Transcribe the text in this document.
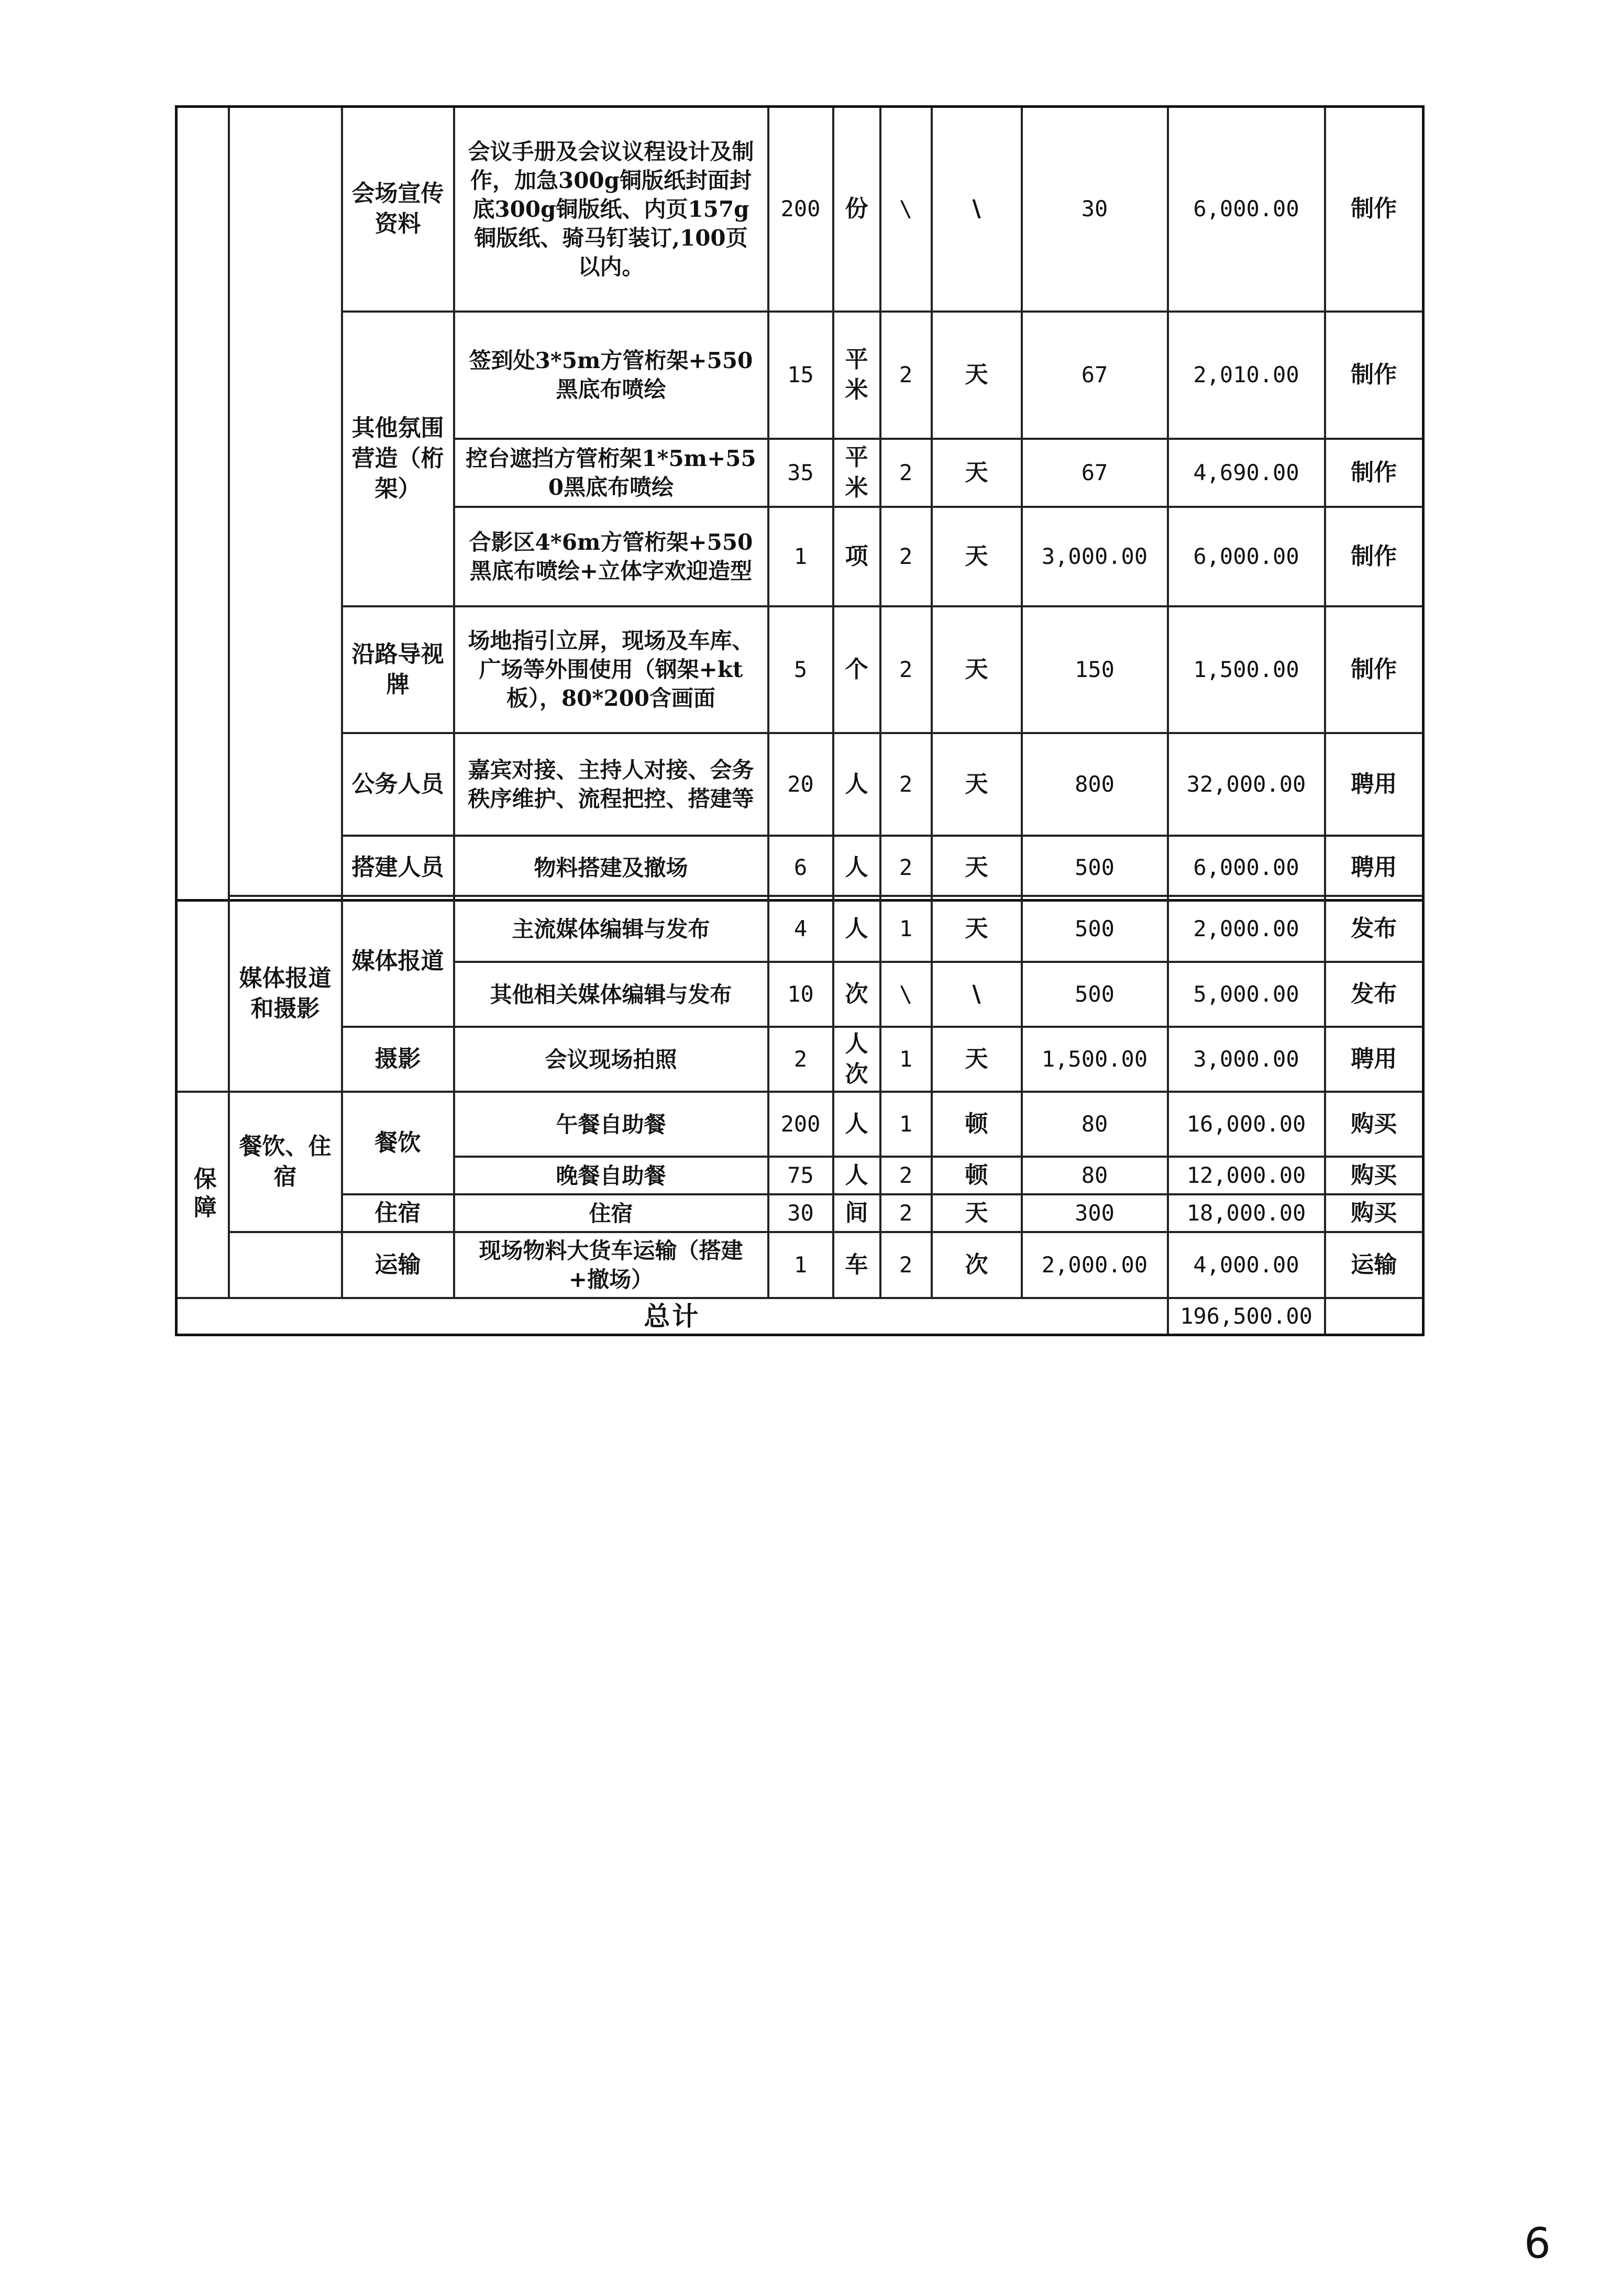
		会场宣传资料	会议手册及会议议程设计及制作，加急300g铜版纸封面封底300g铜版纸、内页157g铜版纸、骑马钉装订,100页以内。	200	份	\	\	30	6,000.00	制作
		其他氛围营造（桁架）	签到处3*5m方管桁架+550黑底布喷绘	15	平米	2	天	67	2,010.00	制作
			控台遮挡方管桁架1*5m+550黑底布喷绘	35	平米	2	天	67	4,690.00	制作
			合影区4*6m方管桁架+550黑底布喷绘+立体字欢迎造型	1	项	2	天	3,000.00	6,000.00	制作
		沿路导视牌	场地指引立屏，现场及车库、广场等外围使用（钢架+kt板），80*200含画面	5	个	2	天	150	1,500.00	制作
		公务人员	嘉宾对接、主持人对接、会务秩序维护、流程把控、搭建等	20	人	2	天	800	32,000.00	聘用
		搭建人员	物料搭建及撤场	6	人	2	天	500	6,000.00	聘用
	媒体报道和摄影	媒体报道	主流媒体编辑与发布	4	人	1	天	500	2,000.00	发布
			其他相关媒体编辑与发布	10	次	\	\	500	5,000.00	发布
		摄影	会议现场拍照	2	人次	1	天	1,500.00	3,000.00	聘用
保障	餐饮、住宿	餐饮	午餐自助餐	200	人	1	顿	80	16,000.00	购买
			晚餐自助餐	75	人	2	顿	80	12,000.00	购买
		住宿	住宿	30	间	2	天	300	18,000.00	购买
		运输	现场物料大货车运输（搭建+撤场）	1	车	2	次	2,000.00	4,000.00	运输
总计									196,500.00	
6
